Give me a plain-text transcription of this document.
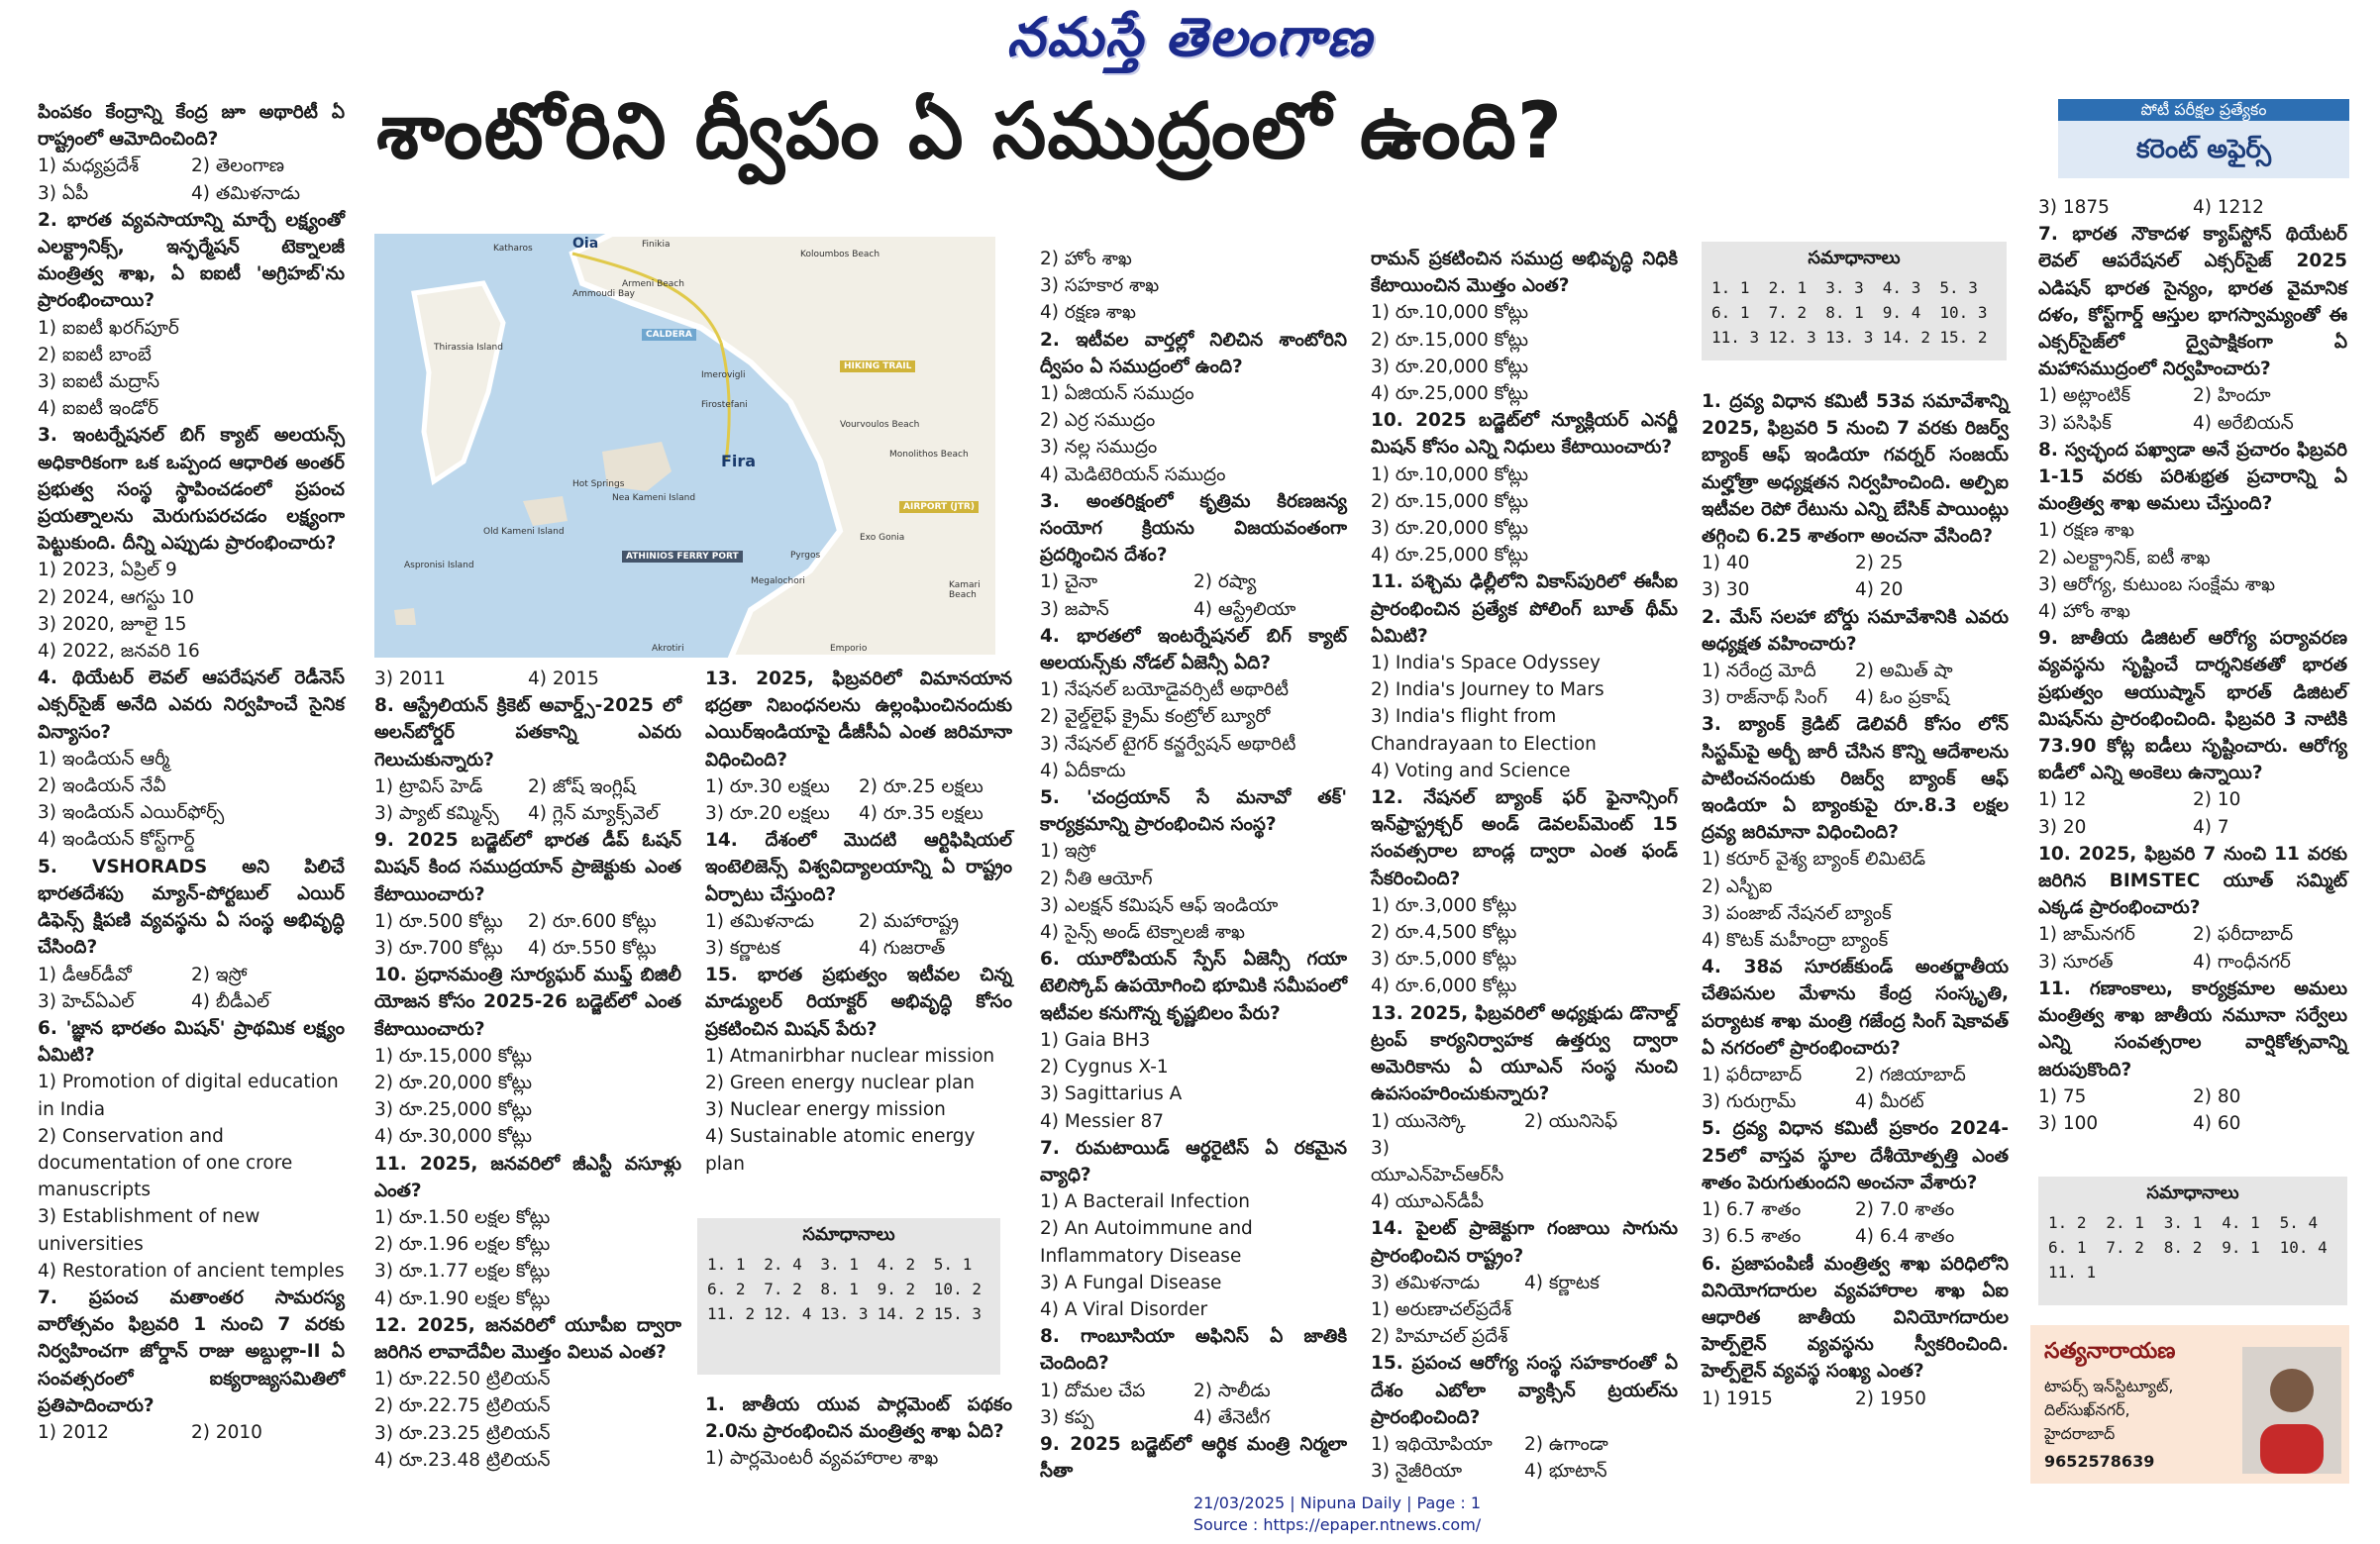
నమస్తే తెలంగాణ
శాంటోరిని ద్వీపం ఏ సముద్రంలో ఉంది?	పోటీ పరీక్షల ప్రత్యేకం
కరెంట్ అఫైర్స్
Oia	Finikia
Armeni Beach
Katharos
Koloumbos Beach
Ammoudi Bay
Thirassia Island
CALDERA
Imerovigli
Firostefani
Fira
Vourvoulos Beach
Monolithos Beach
HIKING TRAIL
Nea Kameni Island
Hot Springs
Old Kameni Island
AIRPORT (JTR)
ATHINIOS FERRY PORT
Aspronisi Island
Pyrgos
Megalochori
Exo Gonia
Kamari Beach
Akrotiri	Emporio

పింపకం కేంద్రాన్ని కేంద్ర జూ అథారిటీ ఏ రాష్ట్రంలో ఆమోదించింది?

1) మధ్యప్రదేశ్	2) తెలంగాణ
3) ఏపీ	4) తమిళనాడు

2. భారత వ్యవసాయాన్ని మార్చే లక్ష్యంతో ఎలక్ట్రానిక్స్, ఇన్ఫర్మేషన్ టెక్నాలజీ మంత్రిత్వ శాఖ, ఏ ఐఐటీ 'అగ్రిహబ్'ను ప్రారంభించాయి?

1) ఐఐటీ ఖరగ్‌పూర్
2) ఐఐటీ బాంబే
3) ఐఐటీ మద్రాస్
4) ఐఐటీ ఇండోర్

3. ఇంటర్నేషనల్ బిగ్ క్యాట్ అలయన్స్ అధికారికంగా ఒక ఒప్పంద ఆధారిత అంతర్ ప్రభుత్వ సంస్థ స్థాపించడంలో ప్రపంచ ప్రయత్నాలను మెరుగుపరచడం లక్ష్యంగా పెట్టుకుంది. దీన్ని ఎప్పుడు ప్రారంభించారు?

1) 2023, ఏప్రిల్ 9
2) 2024, ఆగస్టు 10
3) 2020, జూలై 15
4) 2022, జనవరి 16

4. థియేటర్ లెవల్ ఆపరేషనల్ రెడీనెస్ ఎక్సర్‌సైజ్ అనేది ఎవరు నిర్వహించే సైనిక విన్యాసం?

1) ఇండియన్ ఆర్మీ
2) ఇండియన్ నేవీ
3) ఇండియన్ ఎయిర్‌ఫోర్స్
4) ఇండియన్ కోస్ట్‌గార్డ్

5. VSHORADS అని పిలిచే భారతదేశపు మ్యాన్-పోర్టబుల్ ఎయిర్ డిఫెన్స్ క్షిపణి వ్యవస్థను ఏ సంస్థ అభివృద్ధి చేసింది?

1) డీఆర్‌డీవో	2) ఇస్రో
3) హెచ్ఏఎల్	4) బీడీఎల్

6. 'జ్ఞాన భారతం మిషన్' ప్రాథమిక లక్ష్యం ఏమిటి?

1) Promotion of digital education in India
2) Conservation and documentation of one crore manuscripts
3) Establishment of new universities
4) Restoration of ancient temples

7. ప్రపంచ మతాంతర సామరస్య వారోత్సవం ఫిబ్రవరి 1 నుంచి 7 వరకు నిర్వహించగా జోర్డాన్ రాజు అబ్దుల్లా-II ఏ సంవత్సరంలో ఐక్యరాజ్యసమితిలో ప్రతిపాదించారు?

1) 2012	2) 2010
3) 2011	4) 2015

8. ఆస్ట్రేలియన్ క్రికెట్ అవార్డ్స్-2025 లో అలన్‌బోర్డర్ పతకాన్ని ఎవరు గెలుచుకున్నారు?

1) ట్రావిస్ హెడ్	2) జోష్ ఇంగ్లిష్
3) ప్యాట్ కమ్మిన్స్	4) గ్లెన్ మ్యాక్స్‌వెల్

9. 2025 బడ్జెట్‌లో భారత డీప్ ఓషన్ మిషన్ కింద సముద్రయాన్ ప్రాజెక్టుకు ఎంత కేటాయించారు?

1) రూ.500 కోట్లు	2) రూ.600 కోట్లు
3) రూ.700 కోట్లు	4) రూ.550 కోట్లు

10. ప్రధానమంత్రి సూర్యఘర్ ముఫ్త్ బిజిలీ యోజన కోసం 2025-26 బడ్జెట్‌లో ఎంత కేటాయించారు?

1) రూ.15,000 కోట్లు
2) రూ.20,000 కోట్లు
3) రూ.25,000 కోట్లు
4) రూ.30,000 కోట్లు

11. 2025, జనవరిలో జీఎస్టీ వసూళ్లు ఎంత?

1) రూ.1.50 లక్షల కోట్లు
2) రూ.1.96 లక్షల కోట్లు
3) రూ.1.77 లక్షల కోట్లు
4) రూ.1.90 లక్షల కోట్లు

12. 2025, జనవరిలో యూపీఐ ద్వారా జరిగిన లావాదేవీల మొత్తం విలువ ఎంత?

1) రూ.22.50 ట్రిలియన్
2) రూ.22.75 ట్రిలియన్
3) రూ.23.25 ట్రిలియన్
4) రూ.23.48 ట్రిలియన్

13. 2025, ఫిబ్రవరిలో విమానయాన భద్రతా నిబంధనలను ఉల్లంఘించినందుకు ఎయిర్‌ఇండియాపై డీజీసీఏ ఎంత జరిమానా విధించింది?

1) రూ.30 లక్షలు	2) రూ.25 లక్షలు
3) రూ.20 లక్షలు	4) రూ.35 లక్షలు

14. దేశంలో మొదటి ఆర్టిఫిషియల్ ఇంటెలిజెన్స్ విశ్వవిద్యాలయాన్ని ఏ రాష్ట్రం ఏర్పాటు చేస్తుంది?

1) తమిళనాడు	2) మహారాష్ట్ర
3) కర్ణాటక	4) గుజరాత్

15. భారత ప్రభుత్వం ఇటీవల చిన్న మాడ్యులర్ రియాక్టర్ అభివృద్ధి కోసం ప్రకటించిన మిషన్ పేరు?

1) Atmanirbhar nuclear mission
2) Green energy nuclear plan
3) Nuclear energy mission
4) Sustainable atomic energy plan
సమాధానాలు
1. 1	2. 4	3. 1	4. 2	5. 1
6. 2	7. 2	8. 1	9. 2	10. 2
11. 2 12. 4 13. 3 14. 2 15. 3

1. జాతీయ యువ పార్లమెంట్ పథకం 2.0ను ప్రారంభించిన మంత్రిత్వ శాఖ ఏది?

1) పార్లమెంటరీ వ్యవహారాల శాఖ
2) హోం శాఖ
3) సహకార శాఖ
4) రక్షణ శాఖ

2. ఇటీవల వార్తల్లో నిలిచిన శాంటోరిని ద్వీపం ఏ సముద్రంలో ఉంది?

1) ఏజియన్ సముద్రం
2) ఎర్ర సముద్రం
3) నల్ల సముద్రం
4) మెడిటెరియన్ సముద్రం

3. అంతరిక్షంలో కృత్రిమ కిరణజన్య సంయోగ క్రియను విజయవంతంగా ప్రదర్శించిన దేశం?

1) చైనా	2) రష్యా
3) జపాన్	4) ఆస్ట్రేలియా

4. భారతలో ఇంటర్నేషనల్ బిగ్ క్యాట్ అలయన్స్‌కు నోడల్ ఏజెన్సీ ఏది?

1) నేషనల్ బయోడైవర్సిటీ అథారిటీ
2) వైల్డ్‌లైఫ్ క్రైమ్ కంట్రోల్ బ్యూరో
3) నేషనల్ టైగర్ కన్జర్వేషన్ అథారిటీ
4) ఏదీకాదు

5. 'చంద్రయాన్ సే మనావో తక్' కార్యక్రమాన్ని ప్రారంభించిన సంస్థ?

1) ఇస్రో
2) నీతి ఆయోగ్
3) ఎలక్షన్ కమిషన్ ఆఫ్ ఇండియా
4) సైన్స్ అండ్ టెక్నాలజీ శాఖ

6. యూరోపియన్ స్పేస్ ఏజెన్సీ గయా టెలిస్కోప్ ఉపయోగించి భూమికి సమీపంలో ఇటీవల కనుగొన్న కృష్ణబిలం పేరు?

1) Gaia BH3
2) Cygnus X-1
3) Sagittarius A
4) Messier 87

7. రుమటాయిడ్ ఆర్థరైటిస్ ఏ రకమైన వ్యాధి?

1) A Bacterail Infection
2) An Autoimmune and Inflammatory Disease
3) A Fungal Disease
4) A Viral Disorder

8. గాంబూసియా అఫినిస్ ఏ జాతికి చెందింది?

1) దోమల చేప	2) సాలీడు
3) కప్ప	4) తేనెటీగ

9. 2025 బడ్జెట్‌లో ఆర్థిక మంత్రి నిర్మలా సీతా

రామన్ ప్రకటించిన సముద్ర అభివృద్ధి నిధికి కేటాయించిన మొత్తం ఎంత?

1) రూ.10,000 కోట్లు
2) రూ.15,000 కోట్లు
3) రూ.20,000 కోట్లు
4) రూ.25,000 కోట్లు

10. 2025 బడ్జెట్‌లో న్యూక్లియర్ ఎనర్జీ మిషన్ కోసం ఎన్ని నిధులు కేటాయించారు?

1) రూ.10,000 కోట్లు
2) రూ.15,000 కోట్లు
3) రూ.20,000 కోట్లు
4) రూ.25,000 కోట్లు

11. పశ్చిమ ఢిల్లీలోని వికాస్‌పురిలో ఈసీఐ ప్రారంభించిన ప్రత్యేక పోలింగ్ బూత్ థీమ్ ఏమిటి?

1) India's Space Odyssey
2) India's Journey to Mars
3) India's flight from Chandrayaan to Election
4) Voting and Science

12. నేషనల్ బ్యాంక్ ఫర్ ఫైనాన్సింగ్ ఇన్‌ఫ్రాస్ట్రక్చర్ అండ్ డెవలప్‌మెంట్ 15 సంవత్సరాల బాండ్ల ద్వారా ఎంత ఫండ్ సేకరించింది?

1) రూ.3,000 కోట్లు
2) రూ.4,500 కోట్లు
3) రూ.5,000 కోట్లు
4) రూ.6,000 కోట్లు

13. 2025, ఫిబ్రవరిలో అధ్యక్షుడు డొనాల్డ్ ట్రంప్ కార్యనిర్వాహక ఉత్తర్వు ద్వారా అమెరికాను ఏ యూఎన్ సంస్థ నుంచి ఉపసంహరించుకున్నారు?

1) యునెస్కో	2) యునిసెఫ్
3) యూఎన్‌హెచ్‌ఆర్‌సీ
4) యూఎన్‌డీపీ

14. పైలట్ ప్రాజెక్టుగా గంజాయి సాగును ప్రారంభించిన రాష్ట్రం?

3) తమిళనాడు	4) కర్ణాటక
1) అరుణాచల్‌ప్రదేశ్
2) హిమాచల్ ప్రదేశ్

15. ప్రపంచ ఆరోగ్య సంస్థ సహకారంతో ఏ దేశం ఎబోలా వ్యాక్సిన్ ట్రయల్‌ను ప్రారంభించింది?

1) ఇథియోపియా	2) ఉగాండా
3) నైజీరియా	4) భూటాన్
సమాధానాలు
1. 1	2. 1	3. 3	4. 3	5. 3
6. 1	7. 2	8. 1	9. 4	10. 3
11. 3 12. 3 13. 3 14. 2 15. 2

1. ద్రవ్య విధాన కమిటీ 53వ సమావేశాన్ని 2025, ఫిబ్రవరి 5 నుంచి 7 వరకు రిజర్వ్ బ్యాంక్ ఆఫ్ ఇండియా గవర్నర్ సంజయ్ మల్హోత్రా అధ్యక్షతన నిర్వహించింది. అల్పిఐ ఇటీవల రెపో రేటును ఎన్ని బేసిక్ పాయింట్లు తగ్గించి 6.25 శాతంగా అంచనా వేసింది?

1) 40	2) 25
3) 30	4) 20

2. మేస్ సలహా బోర్డు సమావేశానికి ఎవరు అధ్యక్షత వహించారు?

1) నరేంద్ర మోదీ	2) అమిత్ షా
3) రాజ్‌నాథ్ సింగ్	4) ఓం ప్రకాష్

3. బ్యాంక్ క్రెడిట్ డెలివరీ కోసం లోన్ సిస్టమ్‌పై అర్బీ జారీ చేసిన కొన్ని ఆదేశాలను పాటించనందుకు రిజర్వ్ బ్యాంక్ ఆఫ్ ఇండియా ఏ బ్యాంకుపై రూ.8.3 లక్షల ద్రవ్య జరిమానా విధించింది?

1) కరూర్ వైశ్య బ్యాంక్ లిమిటెడ్
2) ఎస్బీఐ
3) పంజాబ్ నేషనల్ బ్యాంక్
4) కొటక్ మహీంద్రా బ్యాంక్

4. 38వ సూరజ్‌కుండ్ అంతర్జాతీయ చేతిపనుల మేళాను కేంద్ర సంస్కృతి, పర్యాటక శాఖ మంత్రి గజేంద్ర సింగ్ షెకావత్ ఏ నగరంలో ప్రారంభించారు?

1) ఫరీదాబాద్	2) గజియాబాద్
3) గురుగ్రామ్	4) మీరట్

5. ద్రవ్య విధాన కమిటీ ప్రకారం 2024-25లో వాస్తవ స్థూల దేశీయోత్పత్తి ఎంత శాతం పెరుగుతుందని అంచనా వేశారు?

1) 6.7 శాతం	2) 7.0 శాతం
3) 6.5 శాతం	4) 6.4 శాతం

6. ప్రజాపంపిణీ మంత్రిత్వ శాఖ పరిధిలోని వినియోగదారుల వ్యవహారాల శాఖ ఏఐ ఆధారిత జాతీయ వినియోగదారుల హెల్ప్‌లైన్ వ్యవస్థను స్వీకరించింది. హెల్ప్‌లైన్ వ్యవస్థ సంఖ్య ఎంత?

1) 1915	2) 1950
3) 1875	4) 1212

7. భారత నౌకాదళ క్యాప్‌స్టోన్ థియేటర్ లెవల్ ఆపరేషనల్ ఎక్సర్‌సైజ్ 2025 ఎడిషన్ భారత సైన్యం, భారత వైమానిక దళం, కోస్ట్‌గార్డ్ ఆస్తుల భాగస్వామ్యంతో ఈ ఎక్సర్‌సైజ్‌లో ద్వైపాక్షికంగా ఏ మహాసముద్రంలో నిర్వహించారు?

1) అట్లాంటిక్	2) హిందూ
3) పసిఫిక్	4) అరేబియన్

8. స్వచ్ఛంద పఖ్వాడా అనే ప్రచారం ఫిబ్రవరి 1-15 వరకు పరిశుభ్రత ప్రచారాన్ని ఏ మంత్రిత్వ శాఖ అమలు చేస్తుంది?

1) రక్షణ శాఖ
2) ఎలక్ట్రానిక్, ఐటీ శాఖ
3) ఆరోగ్య, కుటుంబ సంక్షేమ శాఖ
4) హోం శాఖ

9. జాతీయ డిజిటల్ ఆరోగ్య పర్యావరణ వ్యవస్థను సృష్టించే దార్శనికతతో భారత ప్రభుత్వం ఆయుష్మాన్ భారత్ డిజిటల్ మిషన్‌ను ప్రారంభించింది. ఫిబ్రవరి 3 నాటికి 73.90 కోట్ల ఐడీలు సృష్టించారు. ఆరోగ్య ఐడీలో ఎన్ని అంకెలు ఉన్నాయి?

1) 12	2) 10
3) 20	4) 7

10. 2025, ఫిబ్రవరి 7 నుంచి 11 వరకు జరిగిన BIMSTEC యూత్ సమ్మిట్ ఎక్కడ ప్రారంభించారు?

1) జామ్‌నగర్	2) ఫరీదాబాద్
3) సూరత్	4) గాంధీనగర్

11. గణాంకాలు, కార్యక్రమాల అమలు మంత్రిత్వ శాఖ జాతీయ నమూనా సర్వేలు ఎన్ని సంవత్సరాల వార్షికోత్సవాన్ని జరుపుకొంది?

1) 75	2) 80
3) 100	4) 60
సమాధానాలు
1. 2	2. 1	3. 1	4. 1	5. 4
6. 1	7. 2	8. 2	9. 1	10. 4
11. 1
సత్యనారాయణ
టాపర్స్ ఇన్‌స్టిట్యూట్,
దిల్‌సుఖ్‌నగర్,
హైదరాబాద్
9652578639
21/03/2025 | Nipuna Daily | Page : 1
Source : https://epaper.ntnews.com/
